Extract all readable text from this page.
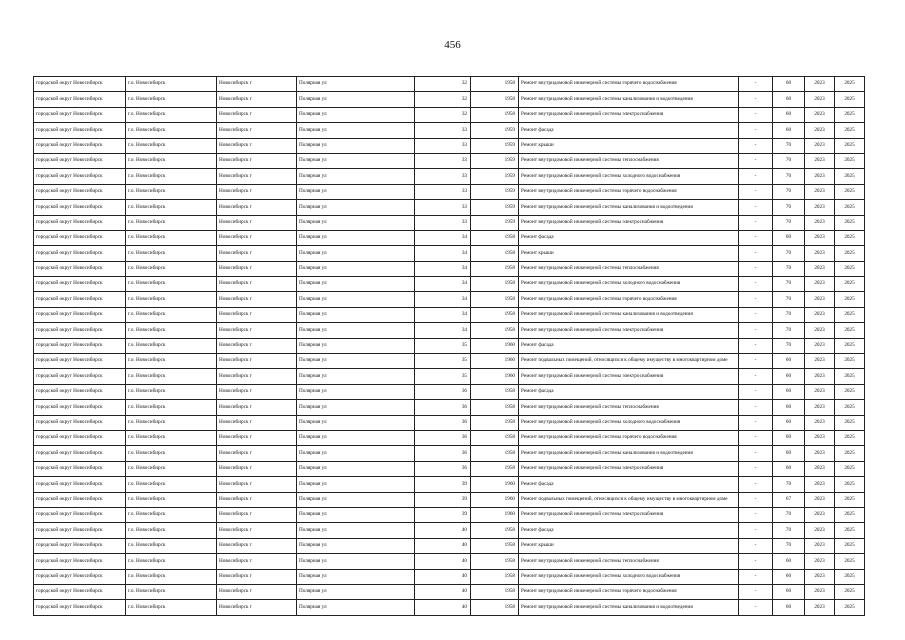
456
городской округ Новосибирск	г.о. Новосибирск	Новосибирск г	Полярная ул	32	1958	Ремонт внутридомовой инженерной системы горячего водоснабжения	-	60	2023	2025
городской округ Новосибирск	г.о. Новосибирск	Новосибирск г	Полярная ул	32	1958	Ремонт внутридомовой инженерной системы канализования и водоотведения	-	60	2023	2025
городской округ Новосибирск	г.о. Новосибирск	Новосибирск г	Полярная ул	32	1958	Ремонт внутридомовой инженерной системы электроснабжения	-	60	2023	2025
городской округ Новосибирск	г.о. Новосибирск	Новосибирск г	Полярная ул	33	1959	Ремонт фасада	-	60	2023	2025
городской округ Новосибирск	г.о. Новосибирск	Новосибирск г	Полярная ул	33	1959	Ремонт крыши	-	70	2023	2025
городской округ Новосибирск	г.о. Новосибирск	Новосибирск г	Полярная ул	33	1959	Ремонт внутридомовой инженерной системы теплоснабжения	-	70	2023	2025
городской округ Новосибирск	г.о. Новосибирск	Новосибирск г	Полярная ул	33	1959	Ремонт внутридомовой инженерной системы холодного водоснабжения	-	70	2023	2025
городской округ Новосибирск	г.о. Новосибирск	Новосибирск г	Полярная ул	33	1959	Ремонт внутридомовой инженерной системы горячего водоснабжения	-	70	2023	2025
городской округ Новосибирск	г.о. Новосибирск	Новосибирск г	Полярная ул	33	1959	Ремонт внутридомовой инженерной системы канализования и водоотведения	-	70	2023	2025
городской округ Новосибирск	г.о. Новосибирск	Новосибирск г	Полярная ул	33	1959	Ремонт внутридомовой инженерной системы электроснабжения	-	70	2023	2025
городской округ Новосибирск	г.о. Новосибирск	Новосибирск г	Полярная ул	34	1958	Ремонт фасада	-	60	2023	2025
городской округ Новосибирск	г.о. Новосибирск	Новосибирск г	Полярная ул	34	1958	Ремонт крыши	-	70	2023	2025
городской округ Новосибирск	г.о. Новосибирск	Новосибирск г	Полярная ул	34	1958	Ремонт внутридомовой инженерной системы теплоснабжения	-	70	2023	2025
городской округ Новосибирск	г.о. Новосибирск	Новосибирск г	Полярная ул	34	1958	Ремонт внутридомовой инженерной системы холодного водоснабжения	-	70	2023	2025
городской округ Новосибирск	г.о. Новосибирск	Новосибирск г	Полярная ул	34	1958	Ремонт внутридомовой инженерной системы горячего водоснабжения	-	70	2023	2025
городской округ Новосибирск	г.о. Новосибирск	Новосибирск г	Полярная ул	34	1958	Ремонт внутридомовой инженерной системы канализования и водоотведения	-	70	2023	2025
городской округ Новосибирск	г.о. Новосибирск	Новосибирск г	Полярная ул	34	1958	Ремонт внутридомовой инженерной системы электроснабжения	-	70	2023	2025
городской округ Новосибирск	г.о. Новосибирск	Новосибирск г	Полярная ул	35	1960	Ремонт фасада	-	70	2023	2025
городской округ Новосибирск	г.о. Новосибирск	Новосибирск г	Полярная ул	35	1960	Ремонт подвальных помещений, относящихся к общему имуществу в многоквартирном доме	-	60	2023	2025
городской округ Новосибирск	г.о. Новосибирск	Новосибирск г	Полярная ул	35	1960	Ремонт внутридомовой инженерной системы электроснабжения	-	60	2023	2025
городской округ Новосибирск	г.о. Новосибирск	Новосибирск г	Полярная ул	36	1958	Ремонт фасада	-	60	2023	2025
городской округ Новосибирск	г.о. Новосибирск	Новосибирск г	Полярная ул	36	1958	Ремонт внутридомовой инженерной системы теплоснабжения	-	60	2023	2025
городской округ Новосибирск	г.о. Новосибирск	Новосибирск г	Полярная ул	36	1958	Ремонт внутридомовой инженерной системы холодного водоснабжения	-	60	2023	2025
городской округ Новосибирск	г.о. Новосибирск	Новосибирск г	Полярная ул	36	1958	Ремонт внутридомовой инженерной системы горячего водоснабжения	-	60	2023	2025
городской округ Новосибирск	г.о. Новосибирск	Новосибирск г	Полярная ул	36	1958	Ремонт внутридомовой инженерной системы канализования и водоотведения	-	60	2023	2025
городской округ Новосибирск	г.о. Новосибирск	Новосибирск г	Полярная ул	36	1958	Ремонт внутридомовой инженерной системы электроснабжения	-	60	2023	2025
городской округ Новосибирск	г.о. Новосибирск	Новосибирск г	Полярная ул	39	1960	Ремонт фасада	-	70	2023	2025
городской округ Новосибирск	г.о. Новосибирск	Новосибирск г	Полярная ул	39	1960	Ремонт подвальных помещений, относящихся к общему имуществу в многоквартирном доме	-	67	2023	2025
городской округ Новосибирск	г.о. Новосибирск	Новосибирск г	Полярная ул	39	1960	Ремонт внутридомовой инженерной системы электроснабжения	-	70	2023	2025
городской округ Новосибирск	г.о. Новосибирск	Новосибирск г	Полярная ул	40	1958	Ремонт фасада	-	70	2023	2025
городской округ Новосибирск	г.о. Новосибирск	Новосибирск г	Полярная ул	40	1958	Ремонт крыши	-	70	2023	2025
городской округ Новосибирск	г.о. Новосибирск	Новосибирск г	Полярная ул	40	1958	Ремонт внутридомовой инженерной системы теплоснабжения	-	60	2023	2025
городской округ Новосибирск	г.о. Новосибирск	Новосибирск г	Полярная ул	40	1958	Ремонт внутридомовой инженерной системы холодного водоснабжения	-	60	2023	2025
городской округ Новосибирск	г.о. Новосибирск	Новосибирск г	Полярная ул	40	1958	Ремонт внутридомовой инженерной системы горячего водоснабжения	-	60	2023	2025
городской округ Новосибирск	г.о. Новосибирск	Новосибирск г	Полярная ул	40	1958	Ремонт внутридомовой инженерной системы канализования и водоотведения	-	60	2023	2025
